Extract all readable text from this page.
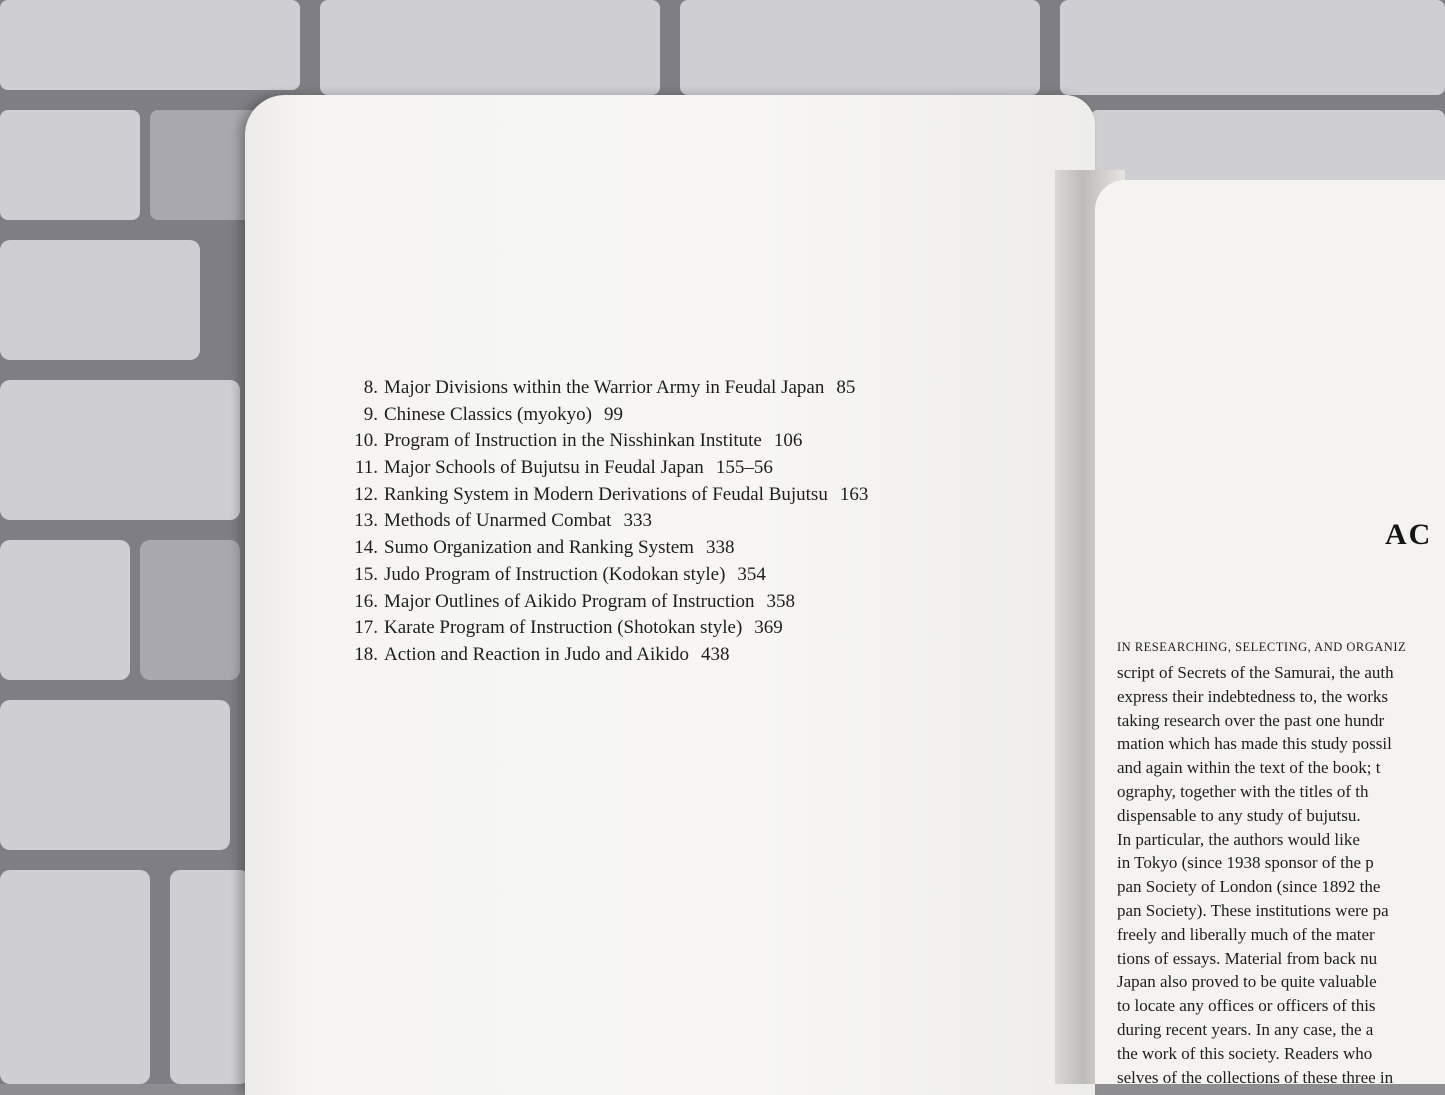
8. Major Divisions within the Warrior Army in Feudal Japan 85
9. Chinese Classics (myokyo) 99
10. Program of Instruction in the Nisshinkan Institute 106
11. Major Schools of Bujutsu in Feudal Japan 155–56
12. Ranking System in Modern Derivations of Feudal Bujutsu 163
13. Methods of Unarmed Combat 333
14. Sumo Organization and Ranking System 338
15. Judo Program of Instruction (Kodokan style) 354
16. Major Outlines of Aikido Program of Instruction 358
17. Karate Program of Instruction (Shotokan style) 369
18. Action and Reaction in Judo and Aikido 438
AC
IN RESEARCHING, SELECTING, AND ORGANIZ
script of Secrets of the Samurai, the auth
express their indebtedness to, the works
taking research over the past one hundr
mation which has made this study possil
and again within the text of the book; t
ography, together with the titles of th
dispensable to any study of bujutsu.
In particular, the authors would like
in Tokyo (since 1938 sponsor of the p
pan Society of London (since 1892 the
pan Society). These institutions were pa
freely and liberally much of the mater
tions of essays. Material from back nu
Japan also proved to be quite valuable
to locate any offices or officers of this
during recent years. In any case, the a
the work of this society. Readers who
selves of the collections of these three in
